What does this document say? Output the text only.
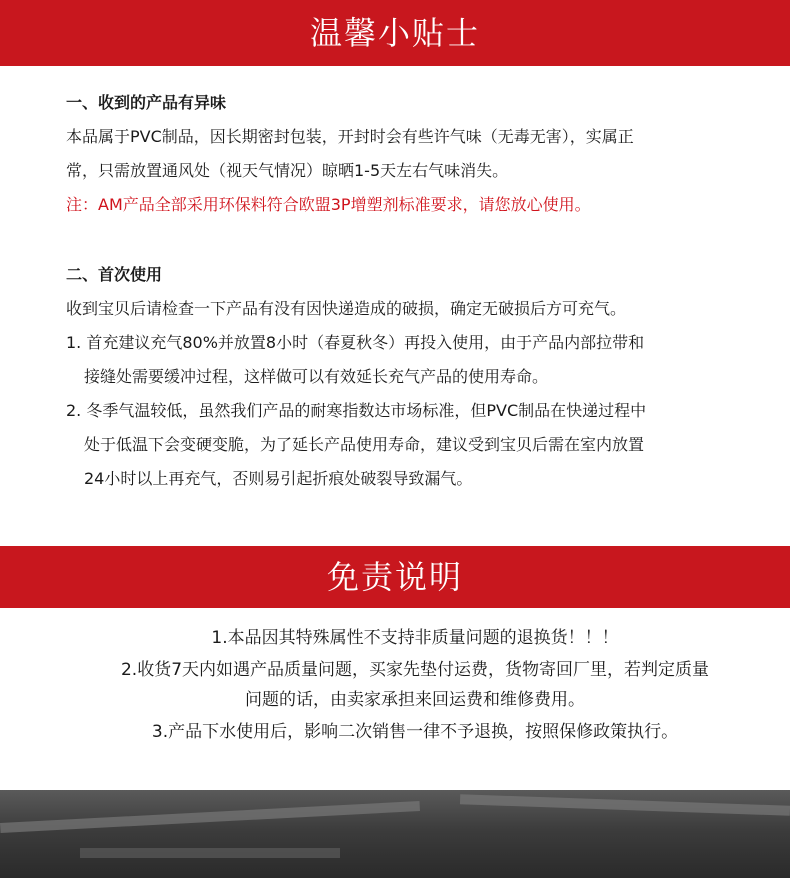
温馨小贴士
一、收到的产品有异味
本品属于PVC制品，因长期密封包装，开封时会有些许气味（无毒无害），实属正
常，只需放置通风处（视天气情况）晾晒1-5天左右气味消失。
注：AM产品全部采用环保料符合欧盟3P增塑剂标准要求，请您放心使用。
二、首次使用
收到宝贝后请检查一下产品有没有因快递造成的破损，确定无破损后方可充气。
1. 首充建议充气80%并放置8小时（春夏秋冬）再投入使用，由于产品内部拉带和
接缝处需要缓冲过程，这样做可以有效延长充气产品的使用寿命。
2. 冬季气温较低，虽然我们产品的耐寒指数达市场标准，但PVC制品在快递过程中
处于低温下会变硬变脆，为了延长产品使用寿命，建议受到宝贝后需在室内放置
24小时以上再充气，否则易引起折痕处破裂导致漏气。
免责说明
1.本品因其特殊属性不支持非质量问题的退换货！！！
2.收货7天内如遇产品质量问题，买家先垫付运费，货物寄回厂里，若判定质量
问题的话，由卖家承担来回运费和维修费用。
3.产品下水使用后，影响二次销售一律不予退换，按照保修政策执行。
